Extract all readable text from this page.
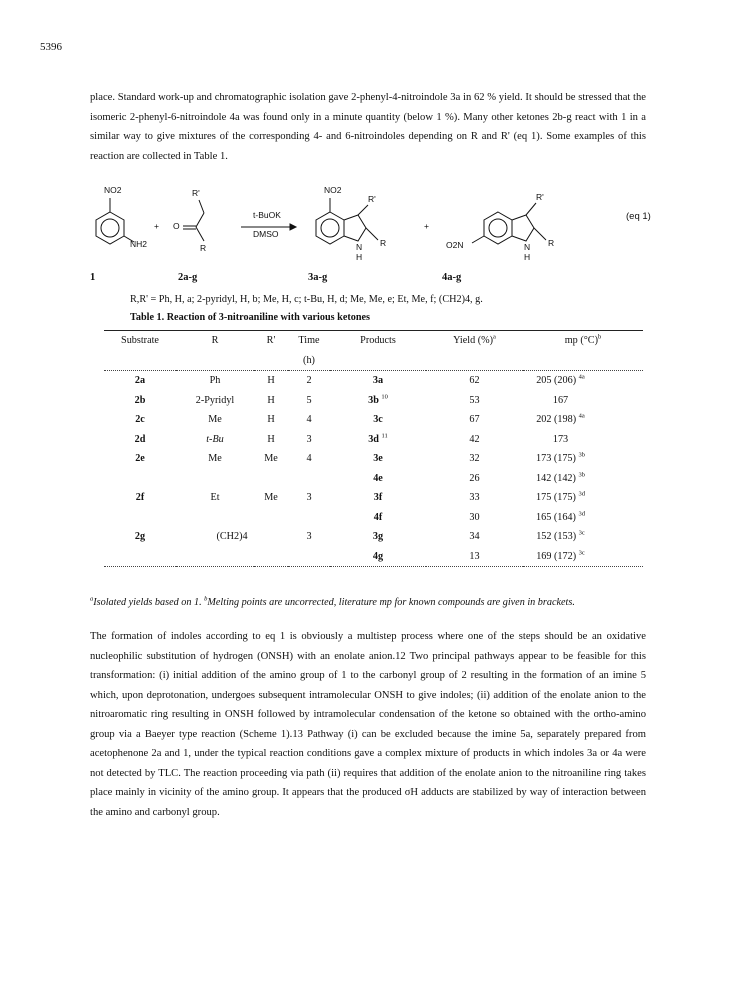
5396

place. Standard work-up and chromatographic isolation gave 2-phenyl-4-nitroindole 3a in 62 % yield. It should be stressed that the isomeric 2-phenyl-6-nitroindole 4a was found only in a minute quantity (below 1 %). Many other ketones 2b-g react with 1 in a similar way to give mixtures of the corresponding 4- and 6-nitroindoles depending on R and R' (eq 1). Some examples of this reaction are collected in Table 1.

NO2
NH2
+ O
R'
R
t-BuOK
DMSO
NO2
R'
R
N
H
+
O2N
R'
R
N
H
(eq 1)
1	2a-g	3a-g	4a-g
R,R' = Ph, H, a; 2-pyridyl, H, b; Me, H, c; t-Bu, H, d; Me, Me, e; Et, Me, f; (CH2)4, g.
Table 1. Reaction of 3-nitroaniline with various ketones
Substrate	R	R'	Time	Products	Yield (%)$^a$	mp $(^\circ C)^b$
			(h)			
2a	Ph	H	2	3a	62	205 (206) $^{4a}$
2b	2-Pyridyl	H	5	3b $^{10}$	53	167
2c	Me	H	4	3c	67	202 (198) $^{4a}$
2d	t-Bu	H	3	3d $^{11}$	42	173
2e	Me	Me	4	3e	32	173 (175) $^{3b}$
				4e	26	142 (142) $^{3b}$
2f	Et	Me	3	3f	33	175 (175) $^{3d}$
				4f	30	165 (164) $^{3d}$
2g	(CH2)4		3	3g	34	152 (153) $^{3c}$
				4g	13	169 (172) $^{3c}$
$^a$Isolated yields based on 1. $^b$Melting points are uncorrected, literature mp for known compounds are given in brackets.

The formation of indoles according to eq 1 is obviously a multistep process where one of the steps should be an oxidative nucleophilic substitution of hydrogen (ONSH) with an enolate anion.12 Two principal pathways appear to be feasible for this transformation: (i) initial addition of the amino group of 1 to the carbonyl group of 2 resulting in the formation of an imine 5 which, upon deprotonation, undergoes subsequent intramolecular ONSH to give indoles; (ii) addition of the enolate anion to the nitroaromatic ring resulting in ONSH followed by intramolecular condensation of the ketone so obtained with the ortho-amino group via a Baeyer type reaction (Scheme 1).13 Pathway (i) can be excluded because the imine 5a, separately prepared from acetophenone 2a and 1, under the typical reaction conditions gave a complex mixture of products in which indoles 3a or 4a were not detected by TLC. The reaction proceeding via path (ii) requires that addition of the enolate anion to the nitroaniline ring takes place mainly in vicinity of the amino group. It appears that the produced σH adducts are stabilized by way of interaction between the amino and carbonyl group.
